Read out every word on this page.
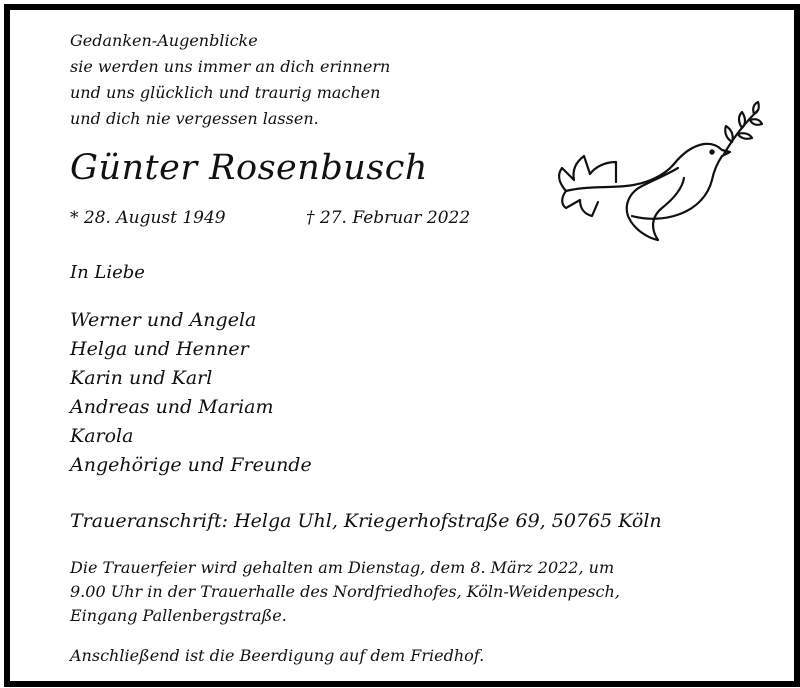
Gedanken-Augenblicke
sie werden uns immer an dich erinnern
und uns glücklich und traurig machen
und dich nie vergessen lassen.
Günter Rosenbusch
* 28. August 1949	† 27. Februar 2022
In Liebe
Werner und Angela
Helga und Henner
Karin und Karl
Andreas und Mariam
Karola
Angehörige und Freunde
Traueranschrift: Helga Uhl, Kriegerhofstraße 69, 50765 Köln
Die Trauerfeier wird gehalten am Dienstag, dem 8. März 2022, um
9.00 Uhr in der Trauerhalle des Nordfriedhofes, Köln-Weidenpesch,
Eingang Pallenbergstraße.
Anschließend ist die Beerdigung auf dem Friedhof.
